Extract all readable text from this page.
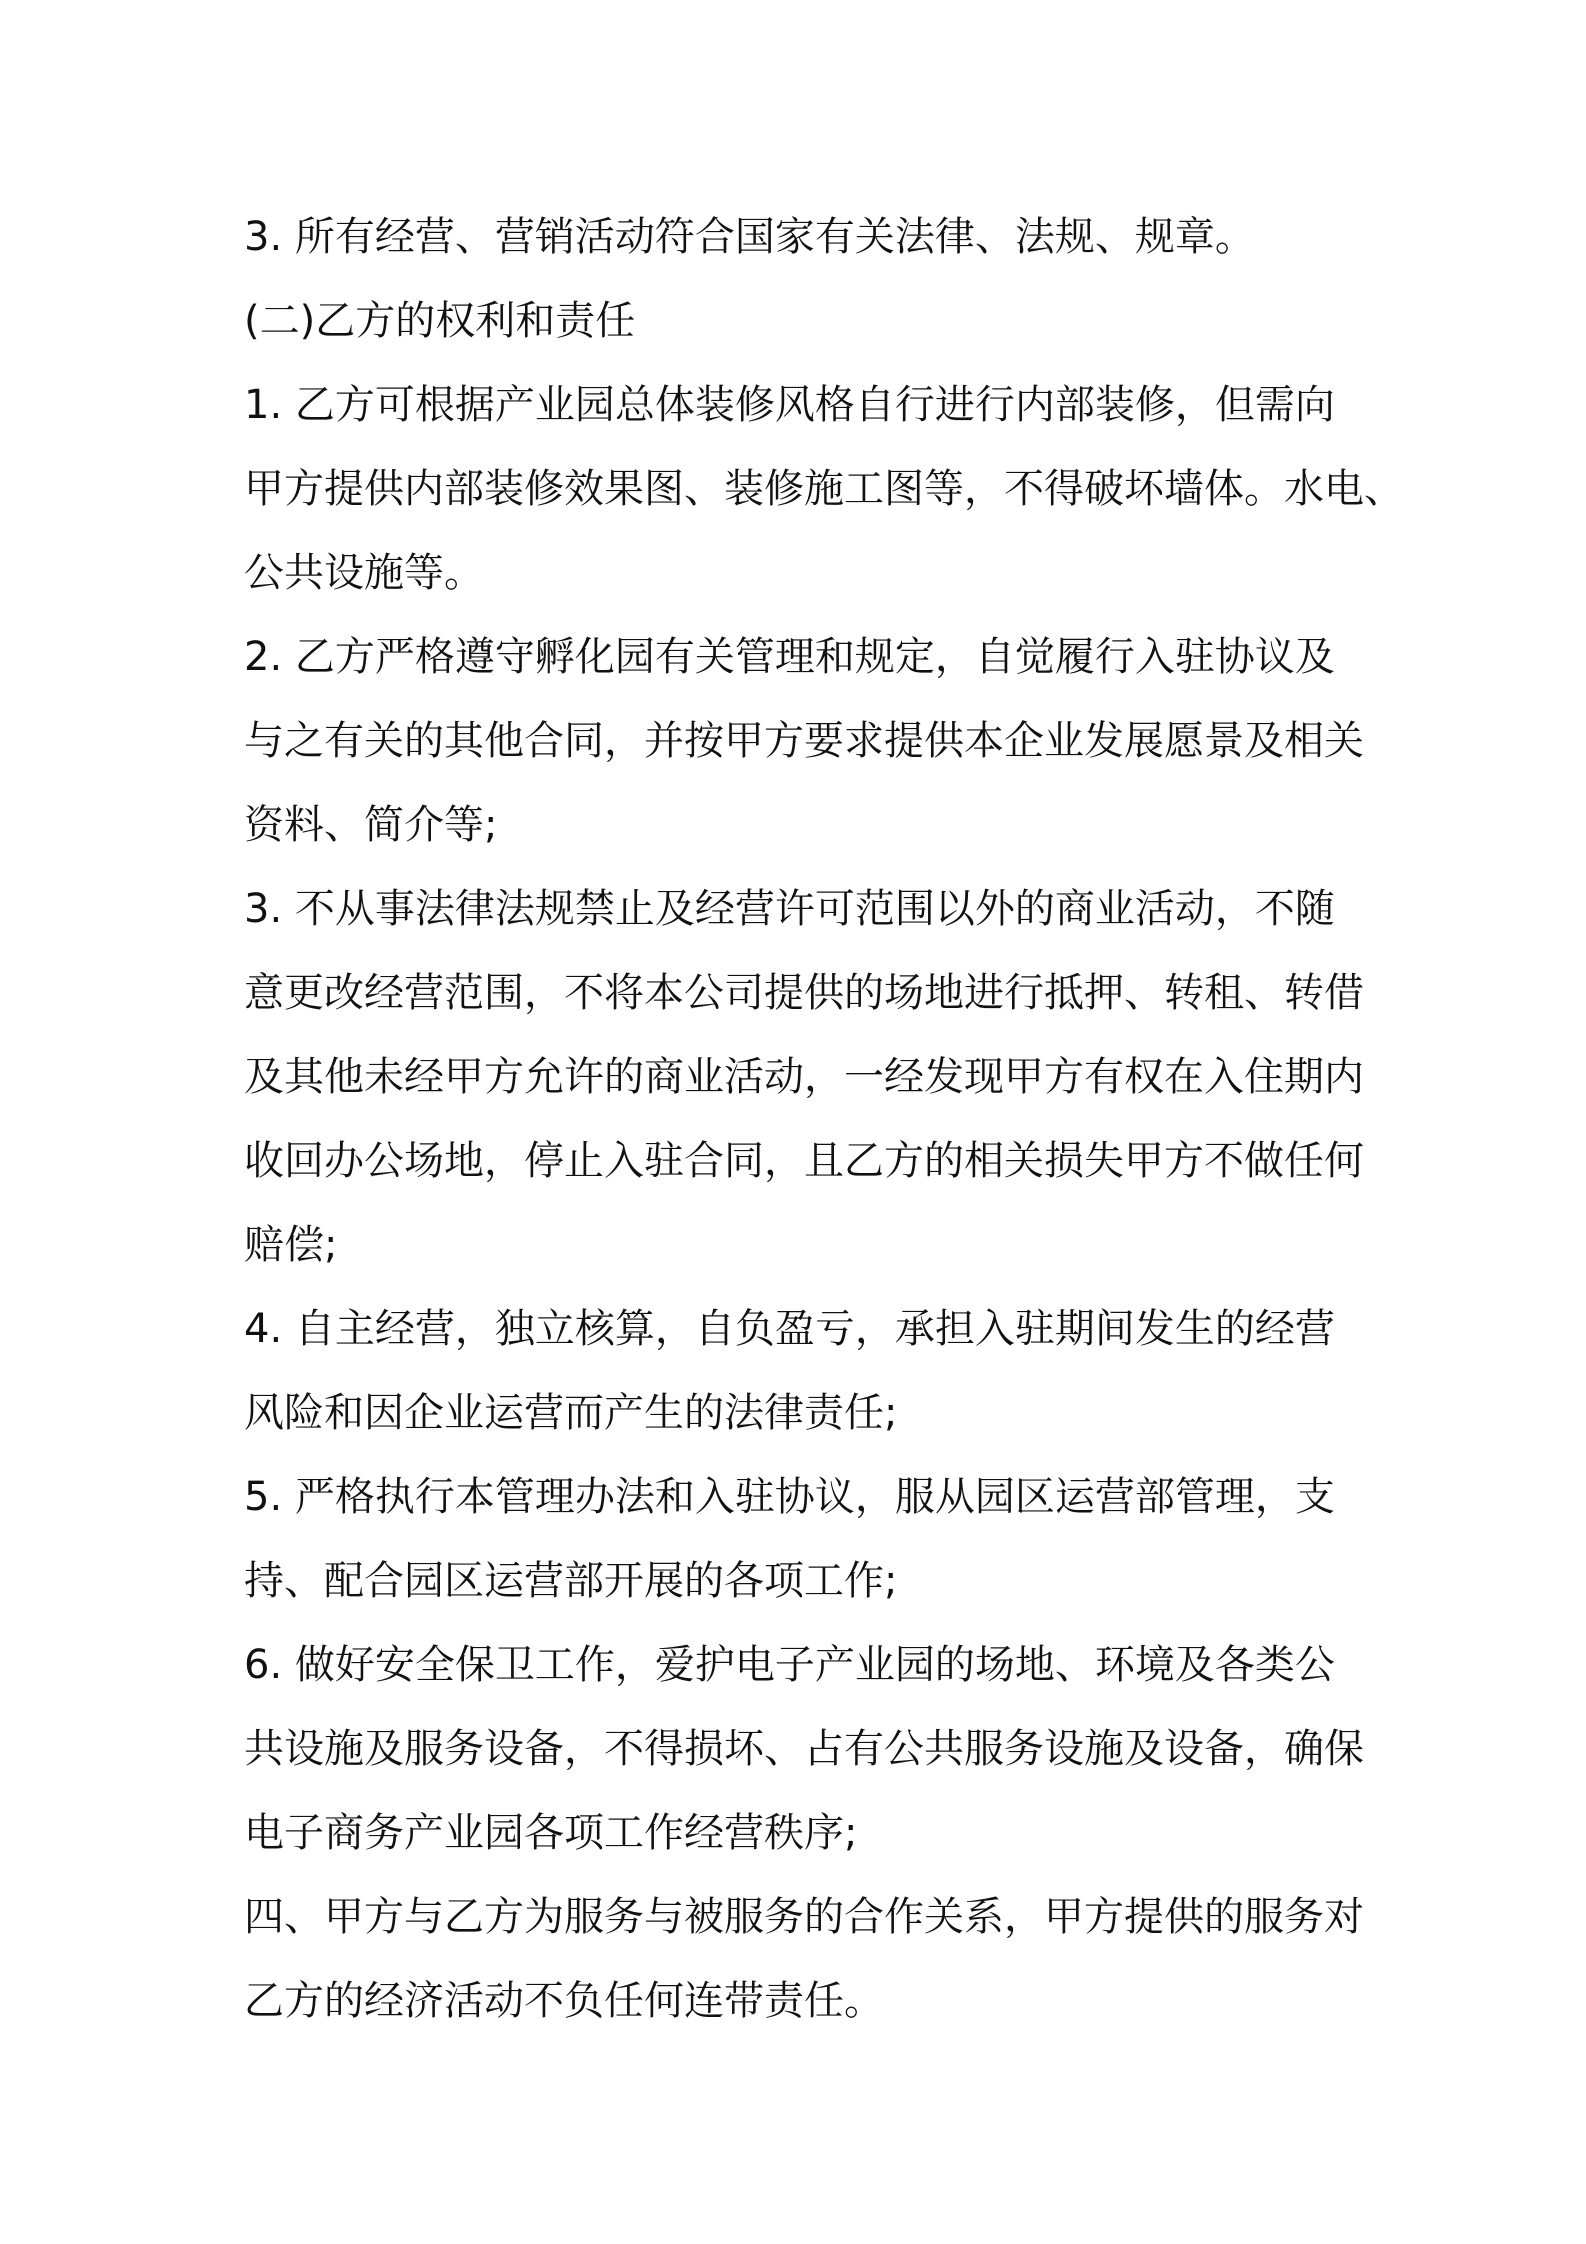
3. 所有经营、营销活动符合国家有关法律、法规、规章。

(二)乙方的权利和责任

1. 乙方可根据产业园总体装修风格自行进行内部装修，但需向
甲方提供内部装修效果图、装修施工图等，不得破坏墙体。水电、
公共设施等。

2. 乙方严格遵守孵化园有关管理和规定，自觉履行入驻协议及
与之有关的其他合同，并按甲方要求提供本企业发展愿景及相关
资料、简介等;

3. 不从事法律法规禁止及经营许可范围以外的商业活动，不随
意更改经营范围，不将本公司提供的场地进行抵押、转租、转借
及其他未经甲方允许的商业活动，一经发现甲方有权在入住期内
收回办公场地，停止入驻合同，且乙方的相关损失甲方不做任何
赔偿;

4. 自主经营，独立核算，自负盈亏，承担入驻期间发生的经营
风险和因企业运营而产生的法律责任;

5. 严格执行本管理办法和入驻协议，服从园区运营部管理，支
持、配合园区运营部开展的各项工作;

6. 做好安全保卫工作，爱护电子产业园的场地、环境及各类公
共设施及服务设备，不得损坏、占有公共服务设施及设备，确保
电子商务产业园各项工作经营秩序;

四、甲方与乙方为服务与被服务的合作关系，甲方提供的服务对
乙方的经济活动不负任何连带责任。
